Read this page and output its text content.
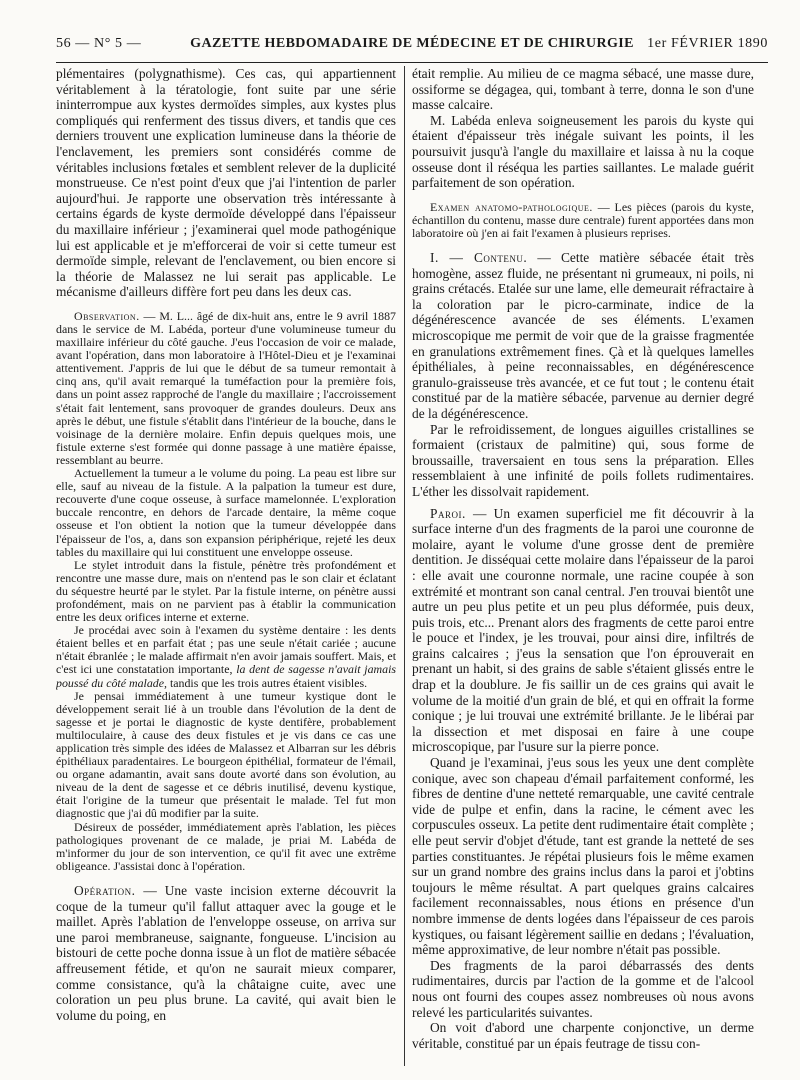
56 — N° 5 —	GAZETTE HEBDOMADAIRE DE MÉDECINE ET DE CHIRURGIE 1er FÉVRIER 1890

plémentaires (polygnathisme). Ces cas, qui appartiennent véritablement à la tératologie, font suite par une série ininterrompue aux kystes dermoïdes simples, aux kystes plus compliqués qui renferment des tissus divers, et tandis que ces derniers trouvent une explication lumineuse dans la théorie de l'enclavement, les premiers sont considérés comme de véritables inclusions fœtales et semblent relever de la duplicité monstrueuse. Ce n'est point d'eux que j'ai l'intention de parler aujourd'hui. Je rapporte une observation très intéressante à certains égards de kyste dermoïde développé dans l'épaisseur du maxillaire inférieur ; j'examinerai quel mode pathogénique lui est applicable et je m'efforcerai de voir si cette tumeur est dermoïde simple, relevant de l'enclavement, ou bien encore si la théorie de Malassez ne lui serait pas applicable. Le mécanisme d'ailleurs diffère fort peu dans les deux cas.

Observation. — M. L... âgé de dix-huit ans, entre le 9 avril 1887 dans le service de M. Labéda, porteur d'une volumineuse tumeur du maxillaire inférieur du côté gauche. J'eus l'occasion de voir ce malade, avant l'opération, dans mon laboratoire à l'Hôtel-Dieu et je l'examinai attentivement. J'appris de lui que le début de sa tumeur remontait à cinq ans, qu'il avait remarqué la tuméfaction pour la première fois, dans un point assez rapproché de l'angle du maxillaire ; l'accroissement s'était fait lentement, sans provoquer de grandes douleurs. Deux ans après le début, une fistule s'établit dans l'intérieur de la bouche, dans le voisinage de la dernière molaire. Enfin depuis quelques mois, une fistule externe s'est formée qui donne passage à une matière épaisse, ressemblant au beurre.

Actuellement la tumeur a le volume du poing. La peau est libre sur elle, sauf au niveau de la fistule. A la palpation la tumeur est dure, recouverte d'une coque osseuse, à surface mamelonnée. L'exploration buccale rencontre, en dehors de l'arcade dentaire, la même coque osseuse et l'on obtient la notion que la tumeur développée dans l'épaisseur de l'os, a, dans son expansion périphérique, rejeté les deux tables du maxillaire qui lui constituent une enveloppe osseuse.

Le stylet introduit dans la fistule, pénètre très profondément et rencontre une masse dure, mais on n'entend pas le son clair et éclatant du séquestre heurté par le stylet. Par la fistule interne, on pénètre aussi profondément, mais on ne parvient pas à établir la communication entre les deux orifices interne et externe.

Je procédai avec soin à l'examen du système dentaire : les dents étaient belles et en parfait état ; pas une seule n'était cariée ; aucune n'était ébranlée ; le malade affirmait n'en avoir jamais souffert. Mais, et c'est ici une constatation importante, la dent de sagesse n'avait jamais poussé du côté malade, tandis que les trois autres étaient visibles.

Je pensai immédiatement à une tumeur kystique dont le développement serait lié à un trouble dans l'évolution de la dent de sagesse et je portai le diagnostic de kyste dentifère, probablement multiloculaire, à cause des deux fistules et je vis dans ce cas une application très simple des idées de Malassez et Albarran sur les débris épithéliaux paradentaires. Le bourgeon épithélial, formateur de l'émail, ou organe adamantin, avait sans doute avorté dans son évolution, au niveau de la dent de sagesse et ce débris inutilisé, devenu kystique, était l'origine de la tumeur que présentait le malade. Tel fut mon diagnostic que j'ai dû modifier par la suite.

Désireux de posséder, immédiatement après l'ablation, les pièces pathologiques provenant de ce malade, je priai M. Labéda de m'informer du jour de son intervention, ce qu'il fit avec une extrême obligeance. J'assistai donc à l'opération.

Opération. — Une vaste incision externe découvrit la coque de la tumeur qu'il fallut attaquer avec la gouge et le maillet. Après l'ablation de l'enveloppe osseuse, on arriva sur une paroi membraneuse, saignante, fongueuse. L'incision au bistouri de cette poche donna issue à un flot de matière sébacée affreusement fétide, et qu'on ne saurait mieux comparer, comme consistance, qu'à la châtaigne cuite, avec une coloration un peu plus brune. La cavité, qui avait bien le volume du poing, en

était remplie. Au milieu de ce magma sébacé, une masse dure, ossiforme se dégagea, qui, tombant à terre, donna le son d'une masse calcaire.

M. Labéda enleva soigneusement les parois du kyste qui étaient d'épaisseur très inégale suivant les points, il les poursuivit jusqu'à l'angle du maxillaire et laissa à nu la coque osseuse dont il réséqua les parties saillantes. Le malade guérit parfaitement de son opération.

Examen anatomo-pathologique. — Les pièces (parois du kyste, échantillon du contenu, masse dure centrale) furent apportées dans mon laboratoire où j'en ai fait l'examen à plusieurs reprises.

I. — Contenu. — Cette matière sébacée était très homogène, assez fluide, ne présentant ni grumeaux, ni poils, ni grains crétacés. Etalée sur une lame, elle demeurait réfractaire à la coloration par le picro-carminate, indice de la dégénérescence avancée de ses éléments. L'examen microscopique me permit de voir que de la graisse fragmentée en granulations extrêmement fines. Çà et là quelques lamelles épithéliales, à peine reconnaissables, en dégénérescence granulo-graisseuse très avancée, et ce fut tout ; le contenu était constitué par de la matière sébacée, parvenue au dernier degré de la dégénérescence.

Par le refroidissement, de longues aiguilles cristallines se formaient (cristaux de palmitine) qui, sous forme de broussaille, traversaient en tous sens la préparation. Elles ressemblaient à une infinité de poils follets rudimentaires. L'éther les dissolvait rapidement.

Paroi. — Un examen superficiel me fit découvrir à la surface interne d'un des fragments de la paroi une couronne de molaire, ayant le volume d'une grosse dent de première dentition. Je disséquai cette molaire dans l'épaisseur de la paroi : elle avait une couronne normale, une racine coupée à son extrémité et montrant son canal central. J'en trouvai bientôt une autre un peu plus petite et un peu plus déformée, puis deux, puis trois, etc... Prenant alors des fragments de cette paroi entre le pouce et l'index, je les trouvai, pour ainsi dire, infiltrés de grains calcaires ; j'eus la sensation que l'on éprouverait en prenant un habit, si des grains de sable s'étaient glissés entre le drap et la doublure. Je fis saillir un de ces grains qui avait le volume de la moitié d'un grain de blé, et qui en offrait la forme conique ; je lui trouvai une extrémité brillante. Je le libérai par la dissection et met disposai en faire à une coupe microscopique, par l'usure sur la pierre ponce.

Quand je l'examinai, j'eus sous les yeux une dent complète conique, avec son chapeau d'émail parfaitement conformé, les fibres de dentine d'une netteté remarquable, une cavité centrale vide de pulpe et enfin, dans la racine, le cément avec les corpuscules osseux. La petite dent rudimentaire était complète ; elle peut servir d'objet d'étude, tant est grande la netteté de ses parties constituantes. Je répétai plusieurs fois le même examen sur un grand nombre des grains inclus dans la paroi et j'obtins toujours le même résultat. A part quelques grains calcaires facilement reconnaissables, nous étions en présence d'un nombre immense de dents logées dans l'épaisseur de ces parois kystiques, ou faisant légèrement saillie en dedans ; l'évaluation, même approximative, de leur nombre n'était pas possible.

Des fragments de la paroi débarrassés des dents rudimentaires, durcis par l'action de la gomme et de l'alcool nous ont fourni des coupes assez nombreuses où nous avons relevé les particularités suivantes.

On voit d'abord une charpente conjonctive, un derme véritable, constitué par un épais feutrage de tissu con-
